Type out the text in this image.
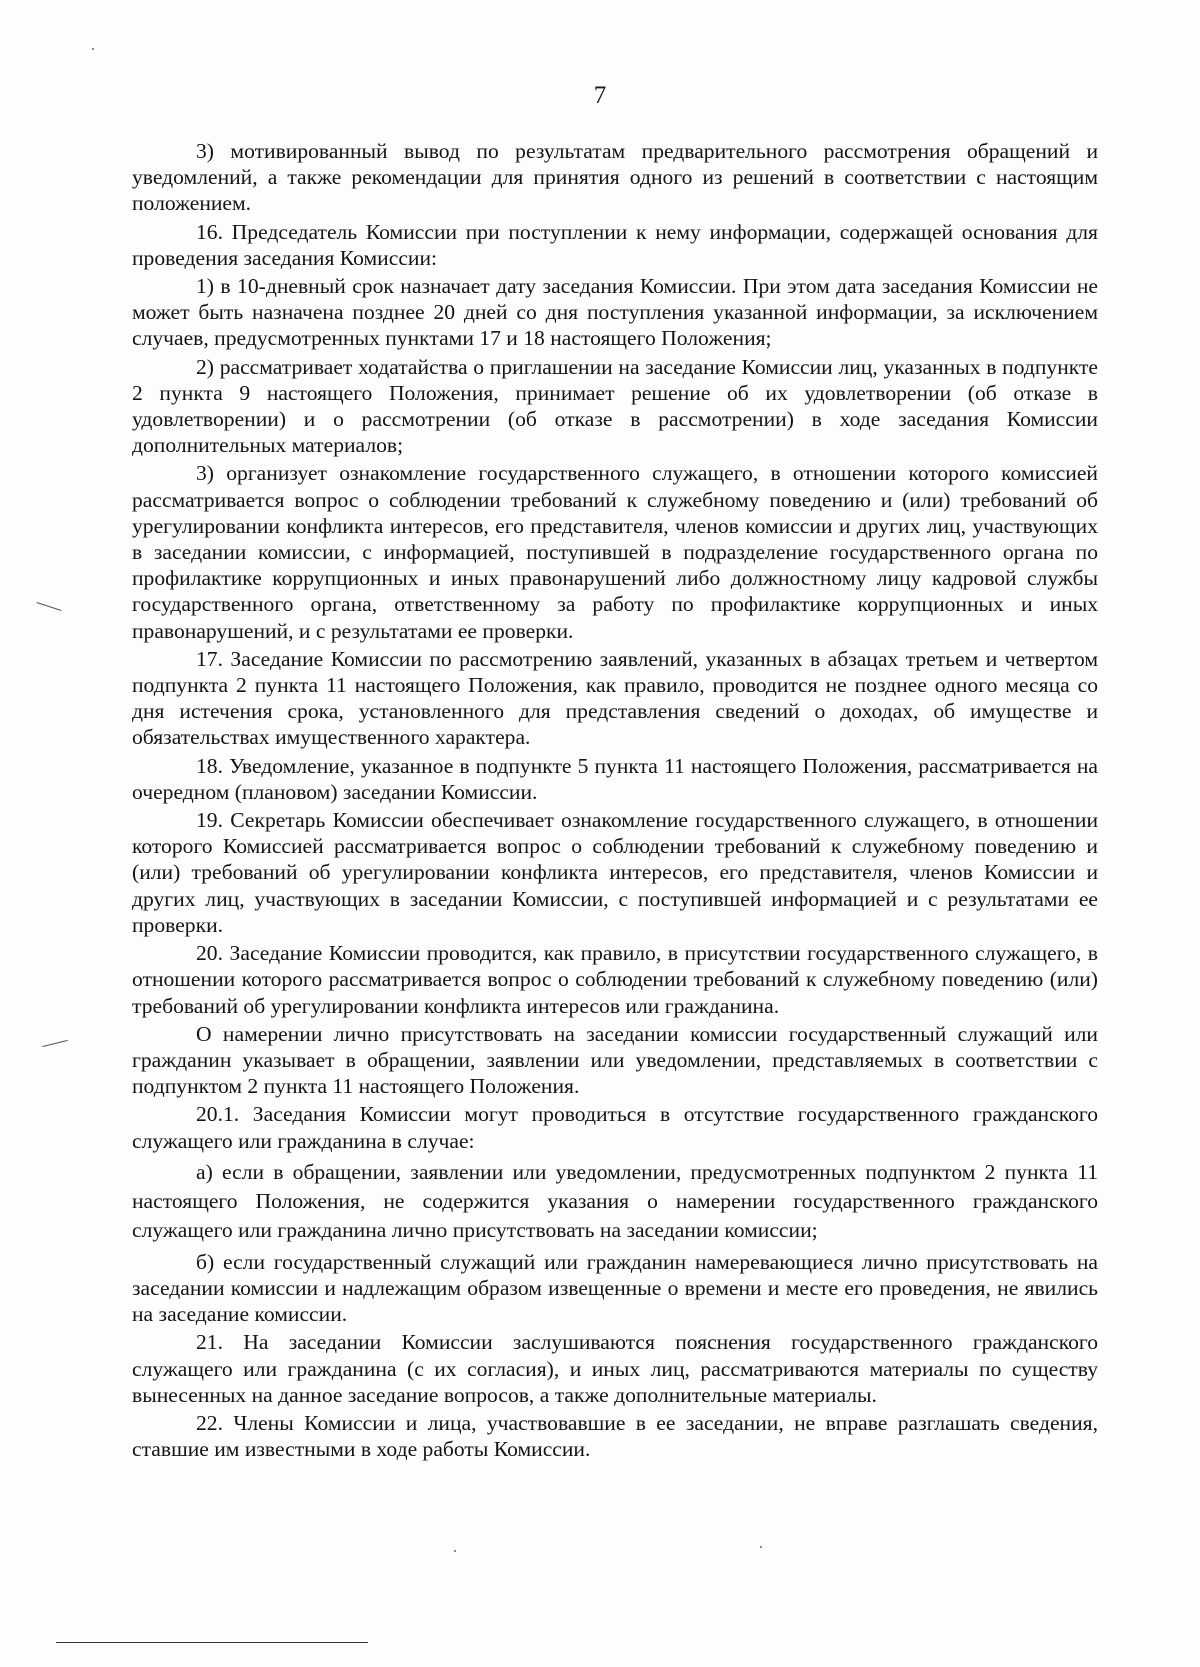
7

3) мотивированный вывод по результатам предварительного рассмотрения обращений и уведомлений, а также рекомендации для принятия одного из решений в соответствии с настоящим положением.

16. Председатель Комиссии при поступлении к нему информации, содержащей основания для проведения заседания Комиссии:

1) в 10-дневный срок назначает дату заседания Комиссии. При этом дата заседания Комиссии не может быть назначена позднее 20 дней со дня поступления указанной информации, за исключением случаев, предусмотренных пунктами 17 и 18 настоящего Положения;

2) рассматривает ходатайства о приглашении на заседание Комиссии лиц, указанных в подпункте 2 пункта 9 настоящего Положения, принимает решение об их удовлетворении (об отказе в удовлетворении) и о рассмотрении (об отказе в рассмотрении) в ходе заседания Комиссии дополнительных материалов;

3) организует ознакомление государственного служащего, в отношении которого комиссией рассматривается вопрос о соблюдении требований к служебному поведению и (или) требований об урегулировании конфликта интересов, его представителя, членов комиссии и других лиц, участвующих в заседании комиссии, с информацией, поступившей в подразделение государственного органа по профилактике коррупционных и иных правонарушений либо должностному лицу кадровой службы государственного органа, ответственному за работу по профилактике коррупционных и иных правонарушений, и с результатами ее проверки.

17. Заседание Комиссии по рассмотрению заявлений, указанных в абзацах третьем и четвертом подпункта 2 пункта 11 настоящего Положения, как правило, проводится не позднее одного месяца со дня истечения срока, установленного для представления сведений о доходах, об имуществе и обязательствах имущественного характера.

18. Уведомление, указанное в подпункте 5 пункта 11 настоящего Положения, рассматривается на очередном (плановом) заседании Комиссии.

19. Секретарь Комиссии обеспечивает ознакомление государственного служащего, в отношении которого Комиссией рассматривается вопрос о соблюдении требований к служебному поведению и (или) требований об урегулировании конфликта интересов, его представителя, членов Комиссии и других лиц, участвующих в заседании Комиссии, с поступившей информацией и с результатами ее проверки.

20. Заседание Комиссии проводится, как правило, в присутствии государственного служащего, в отношении которого рассматривается вопрос о соблюдении требований к служебному поведению (или) требований об урегулировании конфликта интересов или гражданина.

О намерении лично присутствовать на заседании комиссии государственный служащий или гражданин указывает в обращении, заявлении или уведомлении, представляемых в соответствии с подпунктом 2 пункта 11 настоящего Положения.

20.1. Заседания Комиссии могут проводиться в отсутствие государственного гражданского служащего или гражданина в случае:

а) если в обращении, заявлении или уведомлении, предусмотренных подпунктом 2 пункта 11 настоящего Положения, не содержится указания о намерении государственного гражданского служащего или гражданина лично присутствовать на заседании комиссии;

б) если государственный служащий или гражданин намеревающиеся лично присутствовать на заседании комиссии и надлежащим образом извещенные о времени и месте его проведения, не явились на заседание комиссии.

21. На заседании Комиссии заслушиваются пояснения государственного гражданского служащего или гражданина (с их согласия), и иных лиц, рассматриваются материалы по существу вынесенных на данное заседание вопросов, а также дополнительные материалы.

22. Члены Комиссии и лица, участвовавшие в ее заседании, не вправе разглашать сведения, ставшие им известными в ходе работы Комиссии.
